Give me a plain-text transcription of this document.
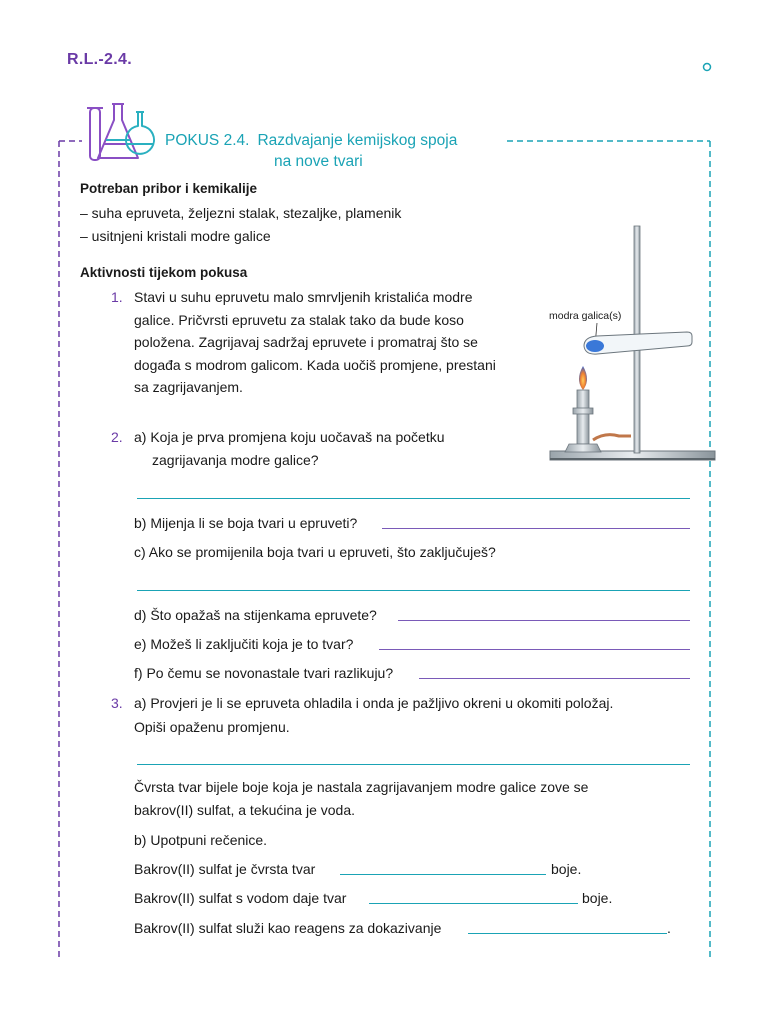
R.L.-2.4.
POKUS 2.4. Razdvajanje kemijskog spoja
na nove tvari
Potreban pribor i kemikalije
– suha epruveta, željezni stalak, stezaljke, plamenik
– usitnjeni kristali modre galice
Aktivnosti tijekom pokusa
1. Stavi u suhu epruvetu malo smrvljenih kristalića modre
galice. Pričvrsti epruvetu za stalak tako da bude koso
položena. Zagrijavaj sadržaj epruvete i promatraj što se
događa s modrom galicom. Kada uočiš promjene, prestani
sa zagrijavanjem.
modra galica(s)
2. a) Koja je prva promjena koju uočavaš na početku
zagrijavanja modre galice?
b) Mijenja li se boja tvari u epruveti?
c) Ako se promijenila boja tvari u epruveti, što zaključuješ?
d) Što opažaš na stijenkama epruvete?
e) Možeš li zaključiti koja je to tvar?
f) Po čemu se novonastale tvari razlikuju?
3. a) Provjeri je li se epruveta ohladila i onda je pažljivo okreni u okomiti položaj.
Opiši opaženu promjenu.
Čvrsta tvar bijele boje koja je nastala zagrijavanjem modre galice zove se
bakrov(II) sulfat, a tekućina je voda.
b) Upotpuni rečenice.
Bakrov(II) sulfat je čvrsta tvar	boje.
Bakrov(II) sulfat s vodom daje tvar	boje.
Bakrov(II) sulfat služi kao reagens za dokazivanje	.
